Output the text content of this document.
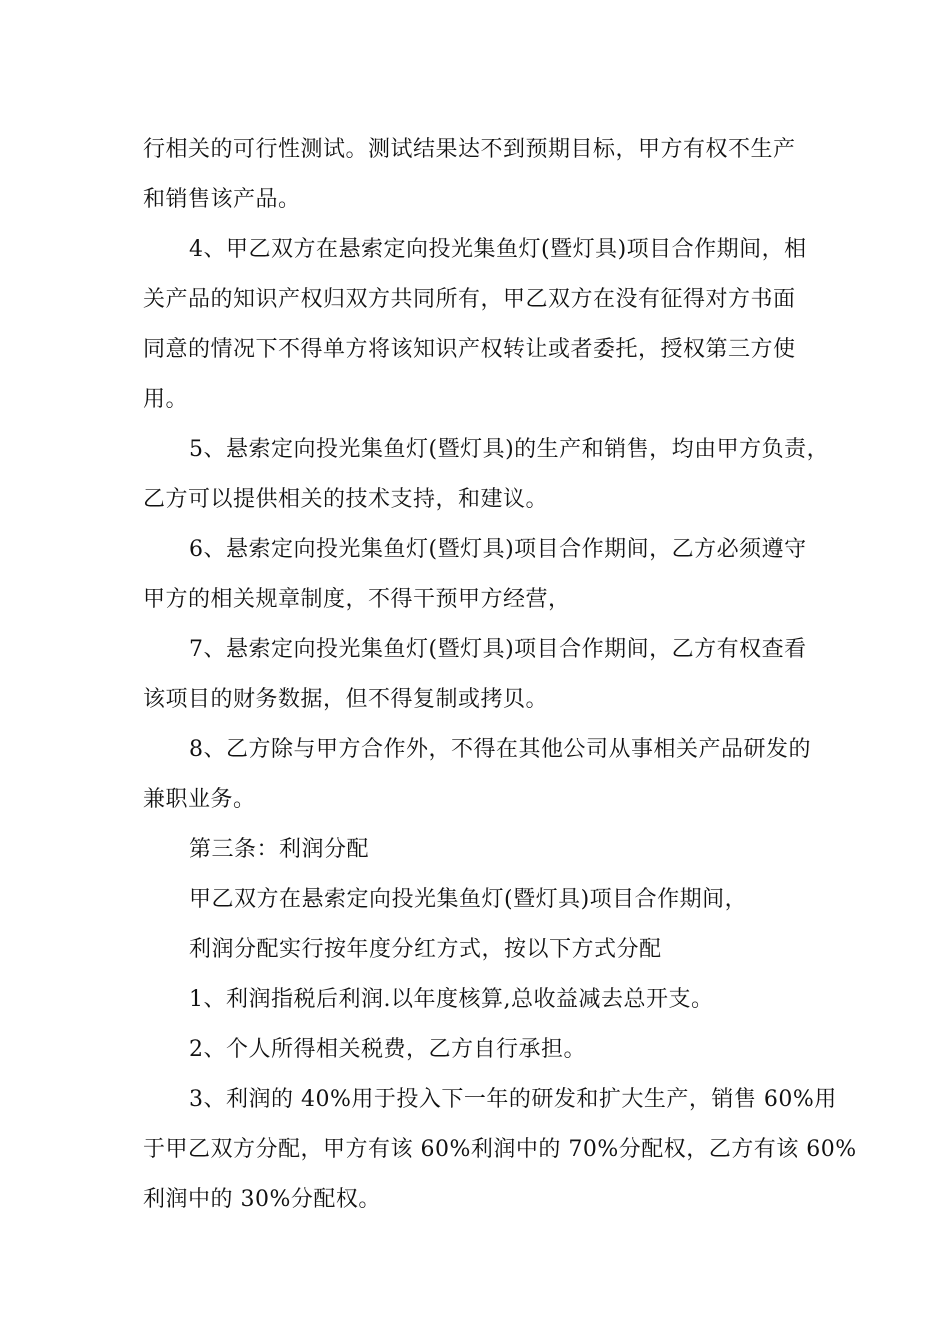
行相关的可行性测试。测试结果达不到预期目标，甲方有权不生产
和销售该产品。
4、甲乙双方在悬索定向投光集鱼灯(暨灯具)项目合作期间，相
关产品的知识产权归双方共同所有，甲乙双方在没有征得对方书面
同意的情况下不得单方将该知识产权转让或者委托，授权第三方使
用。
5、悬索定向投光集鱼灯(暨灯具)的生产和销售，均由甲方负责，
乙方可以提供相关的技术支持，和建议。
6、悬索定向投光集鱼灯(暨灯具)项目合作期间，乙方必须遵守
甲方的相关规章制度，不得干预甲方经营，
7、悬索定向投光集鱼灯(暨灯具)项目合作期间，乙方有权查看
该项目的财务数据，但不得复制或拷贝。
8、乙方除与甲方合作外，不得在其他公司从事相关产品研发的
兼职业务。
第三条：利润分配
甲乙双方在悬索定向投光集鱼灯(暨灯具)项目合作期间，
利润分配实行按年度分红方式，按以下方式分配
1、利润指税后利润.以年度核算,总收益减去总开支。
2、个人所得相关税费，乙方自行承担。
3、利润的 40%用于投入下一年的研发和扩大生产，销售 60%用
于甲乙双方分配，甲方有该 60%利润中的 70%分配权，乙方有该 60%
利润中的 30%分配权。
